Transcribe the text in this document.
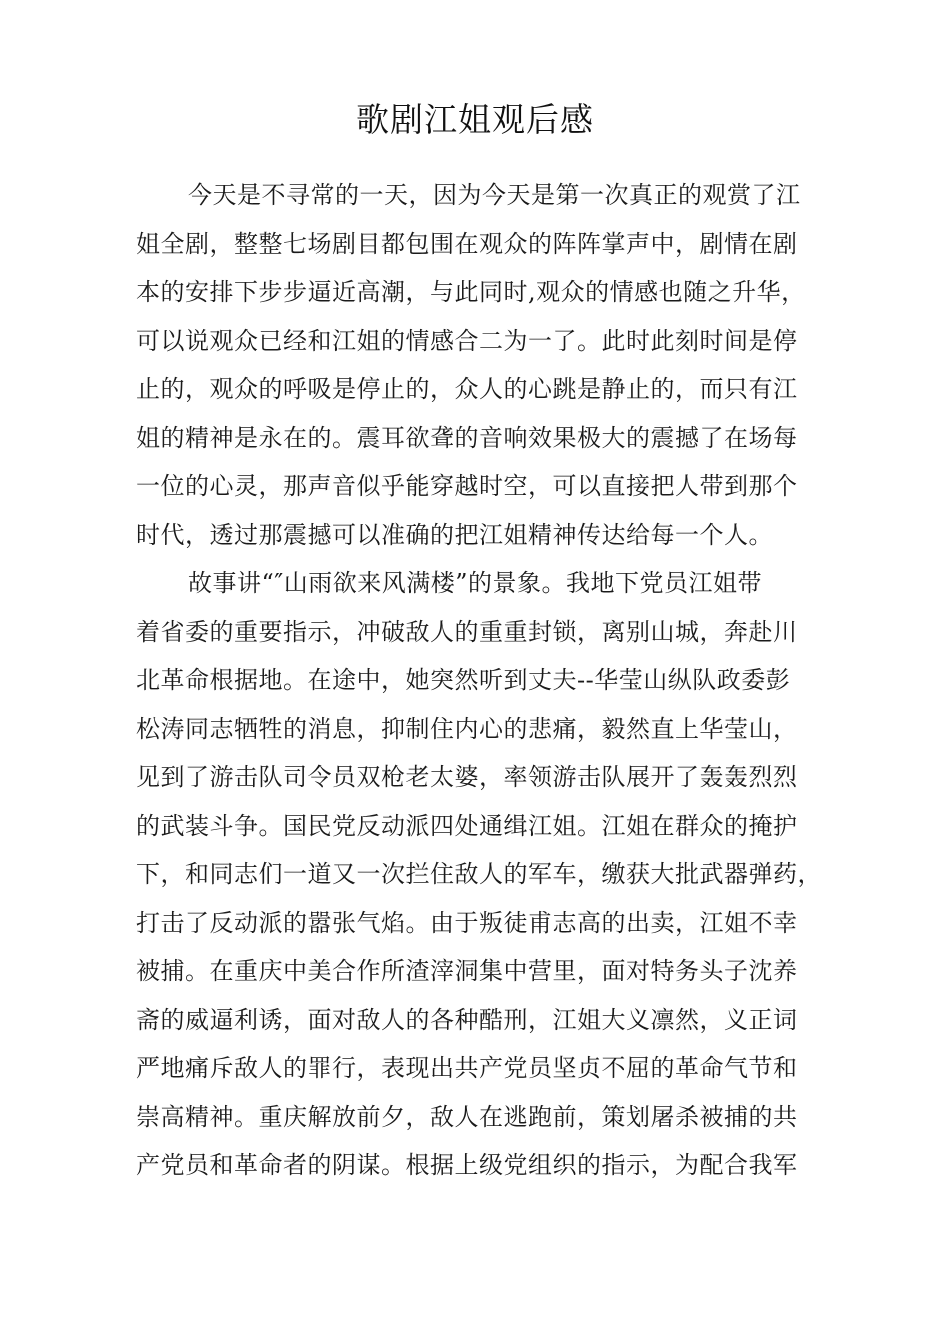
歌剧江姐观后感
今天是不寻常的一天，因为今天是第一次真正的观赏了江
姐全剧，整整七场剧目都包围在观众的阵阵掌声中，剧情在剧
本的安排下步步逼近高潮，与此同时,观众的情感也随之升华，
可以说观众已经和江姐的情感合二为一了。此时此刻时间是停
止的，观众的呼吸是停止的，众人的心跳是静止的，而只有江
姐的精神是永在的。震耳欲聋的音响效果极大的震撼了在场每
一位的心灵，那声音似乎能穿越时空，可以直接把人带到那个
时代，透过那震撼可以准确的把江姐精神传达给每一个人。
故事讲“″山雨欲来风满楼”的景象。我地下党员江姐带
着省委的重要指示，冲破敌人的重重封锁，离别山城，奔赴川
北革命根据地。在途中，她突然听到丈夫--华莹山纵队政委彭
松涛同志牺牲的消息，抑制住内心的悲痛，毅然直上华莹山，
见到了游击队司令员双枪老太婆，率领游击队展开了轰轰烈烈
的武装斗争。国民党反动派四处通缉江姐。江姐在群众的掩护
下，和同志们一道又一次拦住敌人的军车，缴获大批武器弹药，
打击了反动派的嚣张气焰。由于叛徒甫志高的出卖，江姐不幸
被捕。在重庆中美合作所渣滓洞集中营里，面对特务头子沈养
斋的威逼利诱，面对敌人的各种酷刑，江姐大义凛然，义正词
严地痛斥敌人的罪行，表现出共产党员坚贞不屈的革命气节和
崇高精神。重庆解放前夕，敌人在逃跑前，策划屠杀被捕的共
产党员和革命者的阴谋。根据上级党组织的指示，为配合我军
